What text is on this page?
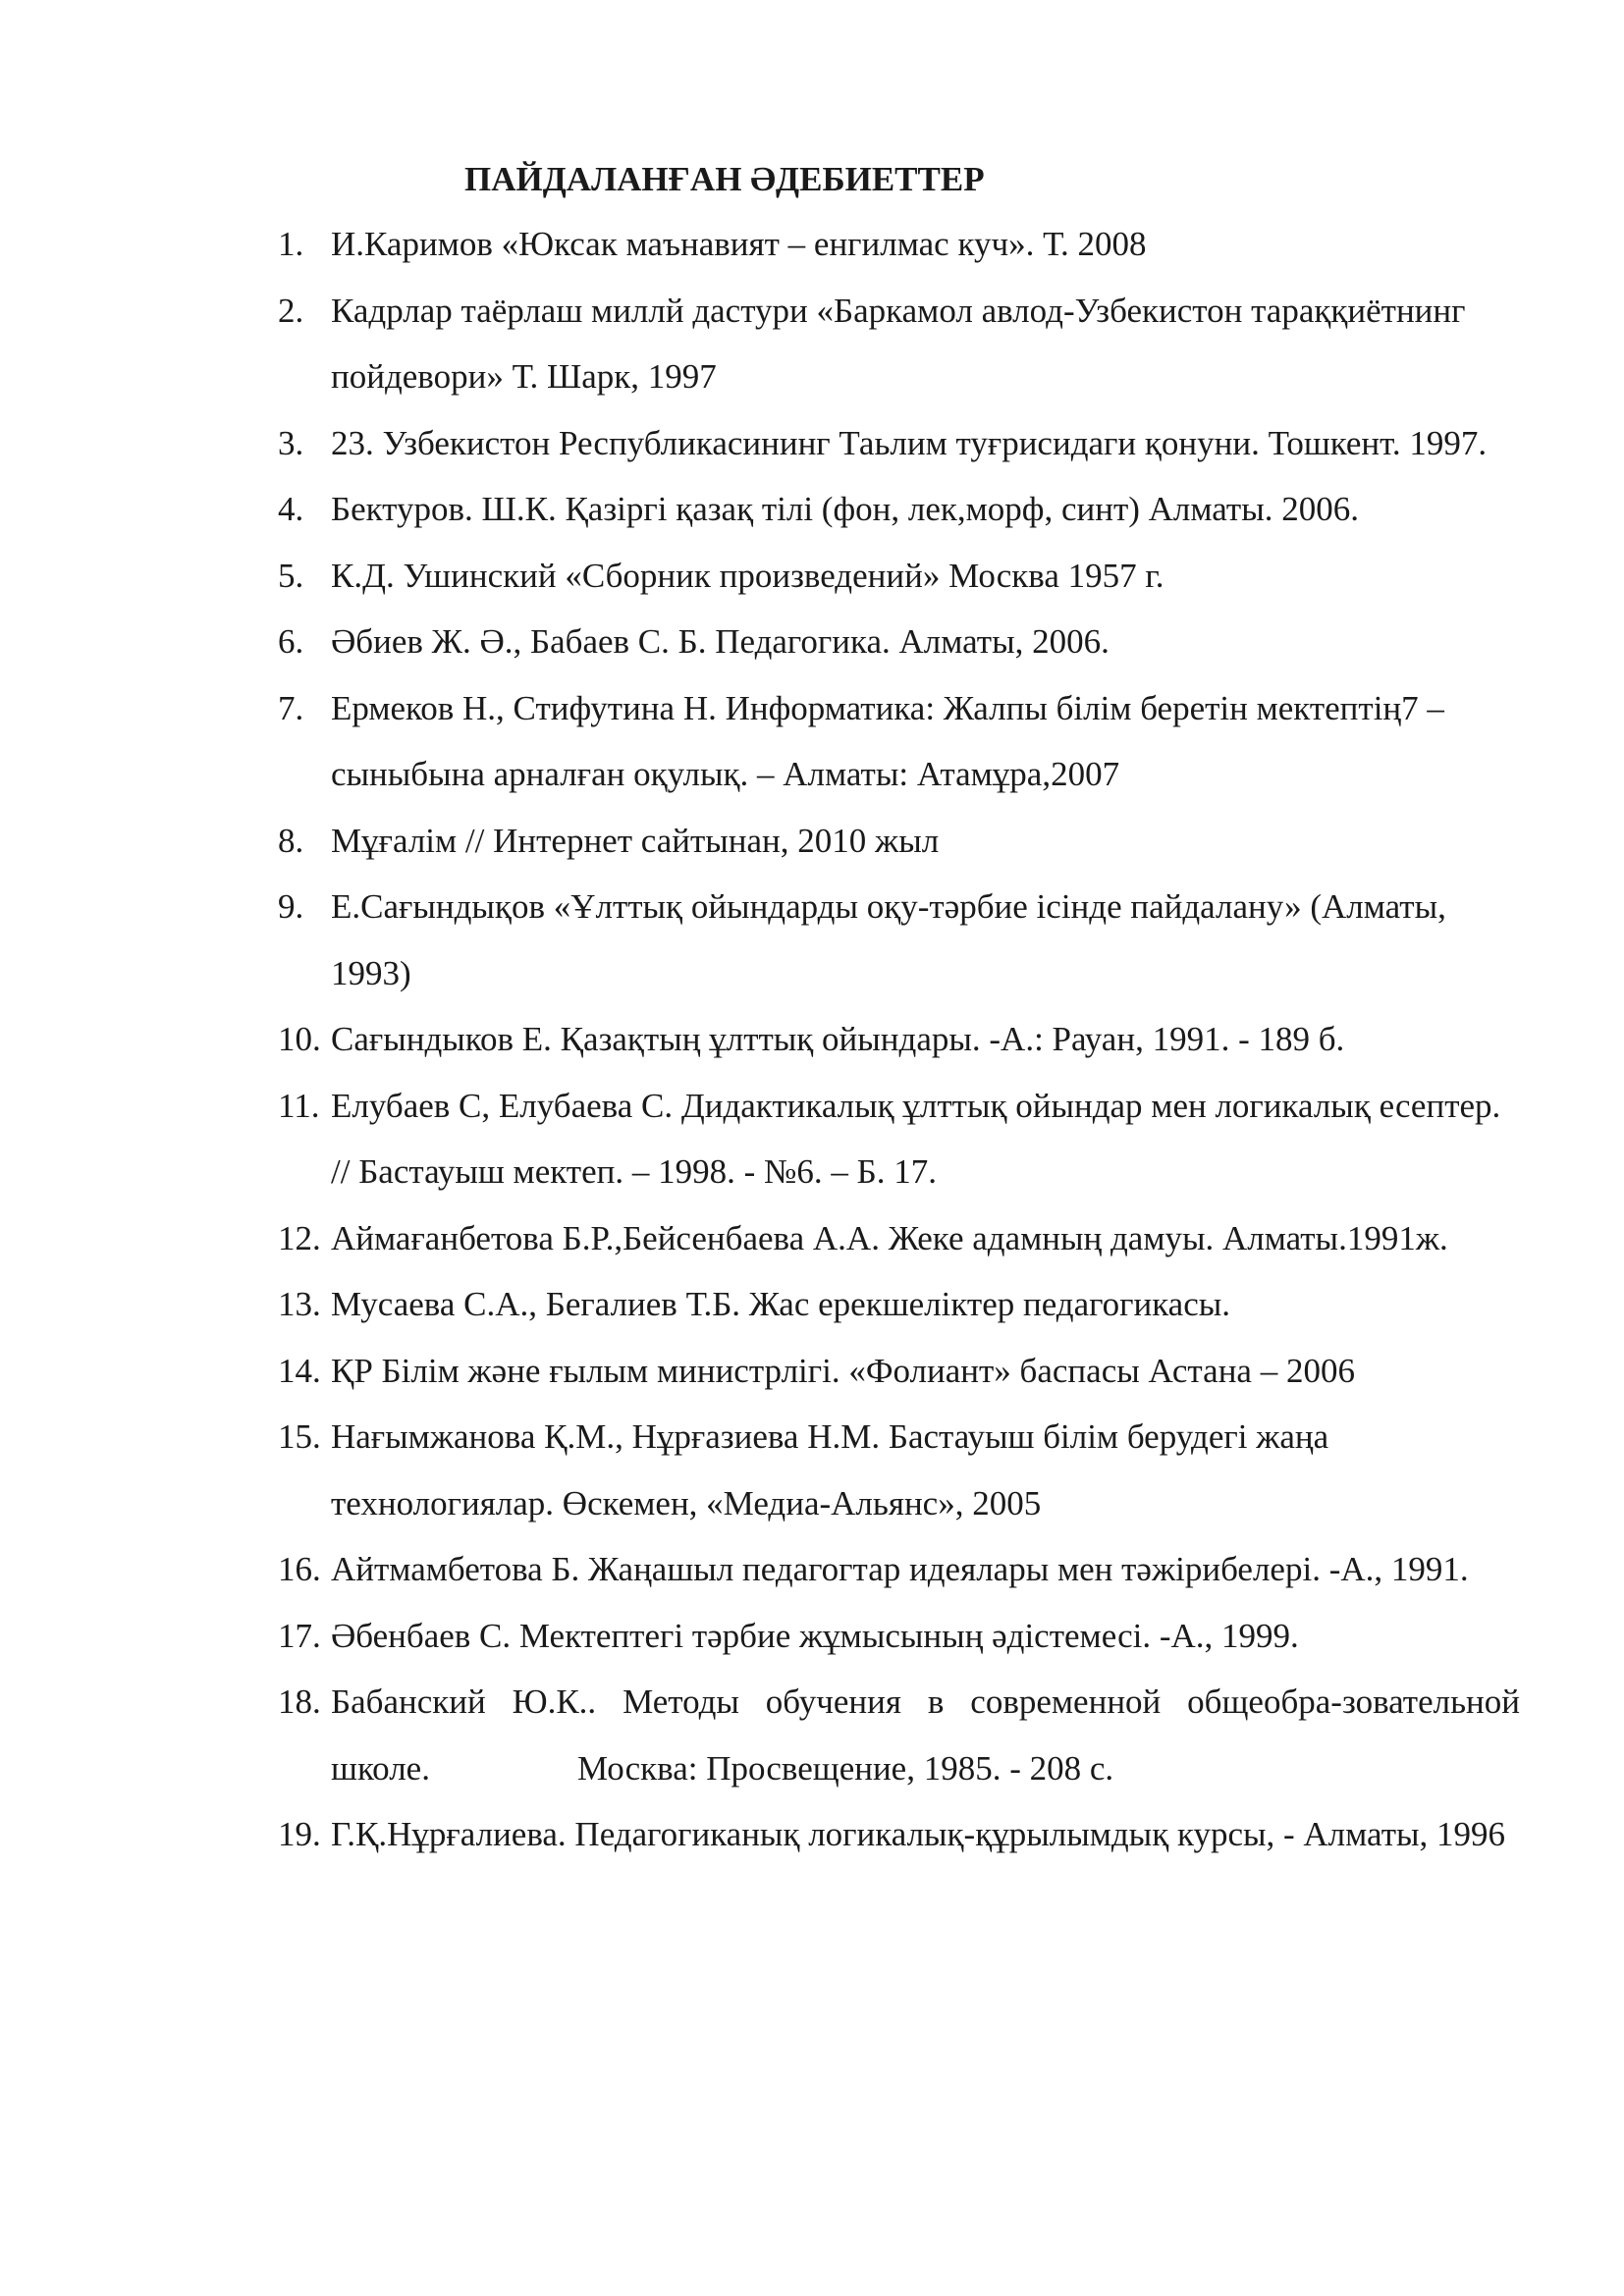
ПАЙДАЛАНҒАН ӘДЕБИЕТТЕР
1. И.Каримов «Юксак маънавият – енгилмас куч». Т. 2008
2. Кадрлар таёрлаш миллй дастури «Баркамол авлод-Узбекистон тараққиётнинг пойдевори» Т. Шарк, 1997
3. 23. Узбекистон Республикасининг Таьлим туғрисидаги қонуни. Тошкент. 1997.
4. Бектуров. Ш.К. Қазіргі қазақ тілі (фон, лек,морф, синт) Алматы. 2006.
5. К.Д. Ушинский «Сборник произведений» Москва 1957 г.
6. Әбиев Ж. Ә., Бабаев С. Б. Педагогика. Алматы, 2006.
7. Ермеков Н., Стифутина Н. Информатика: Жалпы білім беретін мектептің7 – сыныбына арналған оқулық. – Алматы: Атамұра,2007
8. Мұғалім // Интернет сайтынан, 2010 жыл
9. Е.Сағындықов «Ұлттық ойындарды оқу-тәрбие ісінде пайдалану» (Алматы, 1993)
10. Сағындыков Е. Қазақтың ұлттық ойындары. -А.: Рауан, 1991. - 189 б.
11. Елубаев С, Елубаева С. Дидактикалық ұлттық ойындар мен логикалық есептер. // Бастауыш мектеп. – 1998. - №6. – Б. 17.
12. Аймағанбетова Б.Р.,Бейсенбаева А.А. Жеке адамның дамуы. Алматы.1991ж.
13. Мусаева С.А., Бегалиев Т.Б. Жас ерекшеліктер педагогикасы.
14. ҚР Білім және ғылым министрлігі. «Фолиант» баспасы Астана – 2006
15. Нағымжанова Қ.М., Нұрғазиева Н.М. Бастауыш білім берудегі жаңа технологиялар. Өскемен, «Медиа-Альянс», 2005
16. Айтмамбетова Б. Жаңашыл педагогтар идеялары мен тәжірибелері. -А., 1991.
17. Әбенбаев С. Мектептегі тәрбие жұмысының әдістемесі. -А., 1999.
18. Бабанский Ю.К.. Методы обучения в современной общеобра-зовательной школе.	Москва: Просвещение, 1985. - 208 с.
19. Г.Қ.Нұрғалиева. Педагогиканық логикалық-құрылымдық курсы, - Алматы, 1996
